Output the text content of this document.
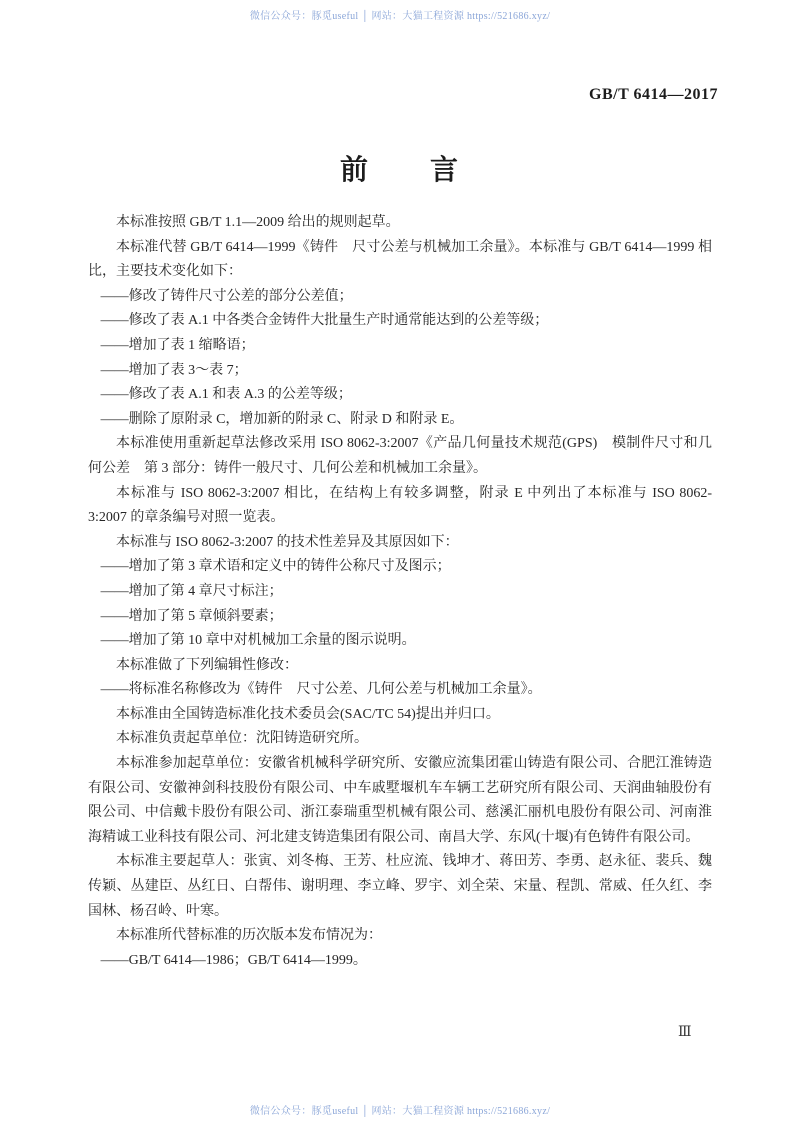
微信公众号：豚觅useful │ 网站：大猫工程资源 https://521686.xyz/
GB/T 6414—2017
前　　言

本标准按照 GB/T 1.1—2009 给出的规则起草。

本标准代替 GB/T 6414—1999《铸件　尺寸公差与机械加工余量》。本标准与 GB/T 6414—1999 相比，主要技术变化如下：

——修改了铸件尺寸公差的部分公差值；

——修改了表 A.1 中各类合金铸件大批量生产时通常能达到的公差等级；

——增加了表 1 缩略语；

——增加了表 3～表 7；

——修改了表 A.1 和表 A.3 的公差等级；

——删除了原附录 C，增加新的附录 C、附录 D 和附录 E。

本标准使用重新起草法修改采用 ISO 8062-3:2007《产品几何量技术规范(GPS)　模制件尺寸和几何公差　第 3 部分：铸件一般尺寸、几何公差和机械加工余量》。

本标准与 ISO 8062-3:2007 相比，在结构上有较多调整，附录 E 中列出了本标准与 ISO 8062-3:2007 的章条编号对照一览表。

本标准与 ISO 8062-3:2007 的技术性差异及其原因如下：

——增加了第 3 章术语和定义中的铸件公称尺寸及图示；

——增加了第 4 章尺寸标注；

——增加了第 5 章倾斜要素；

——增加了第 10 章中对机械加工余量的图示说明。

本标准做了下列编辑性修改：

——将标准名称修改为《铸件　尺寸公差、几何公差与机械加工余量》。

本标准由全国铸造标准化技术委员会(SAC/TC 54)提出并归口。

本标准负责起草单位：沈阳铸造研究所。

本标准参加起草单位：安徽省机械科学研究所、安徽应流集团霍山铸造有限公司、合肥江淮铸造有限公司、安徽神剑科技股份有限公司、中车戚墅堰机车车辆工艺研究所有限公司、天润曲轴股份有限公司、中信戴卡股份有限公司、浙江泰瑞重型机械有限公司、慈溪汇丽机电股份有限公司、河南淮海精诚工业科技有限公司、河北建支铸造集团有限公司、南昌大学、东风(十堰)有色铸件有限公司。

本标准主要起草人：张寅、刘冬梅、王芳、杜应流、钱坤才、蒋田芳、李勇、赵永征、裴兵、魏传颖、丛建臣、丛红日、白帮伟、谢明理、李立峰、罗宇、刘全荣、宋量、程凯、常威、任久红、李国林、杨召岭、叶寒。

本标准所代替标准的历次版本发布情况为：

——GB/T 6414—1986；GB/T 6414—1999。

Ⅲ
微信公众号：豚觅useful │ 网站：大猫工程资源 https://521686.xyz/
